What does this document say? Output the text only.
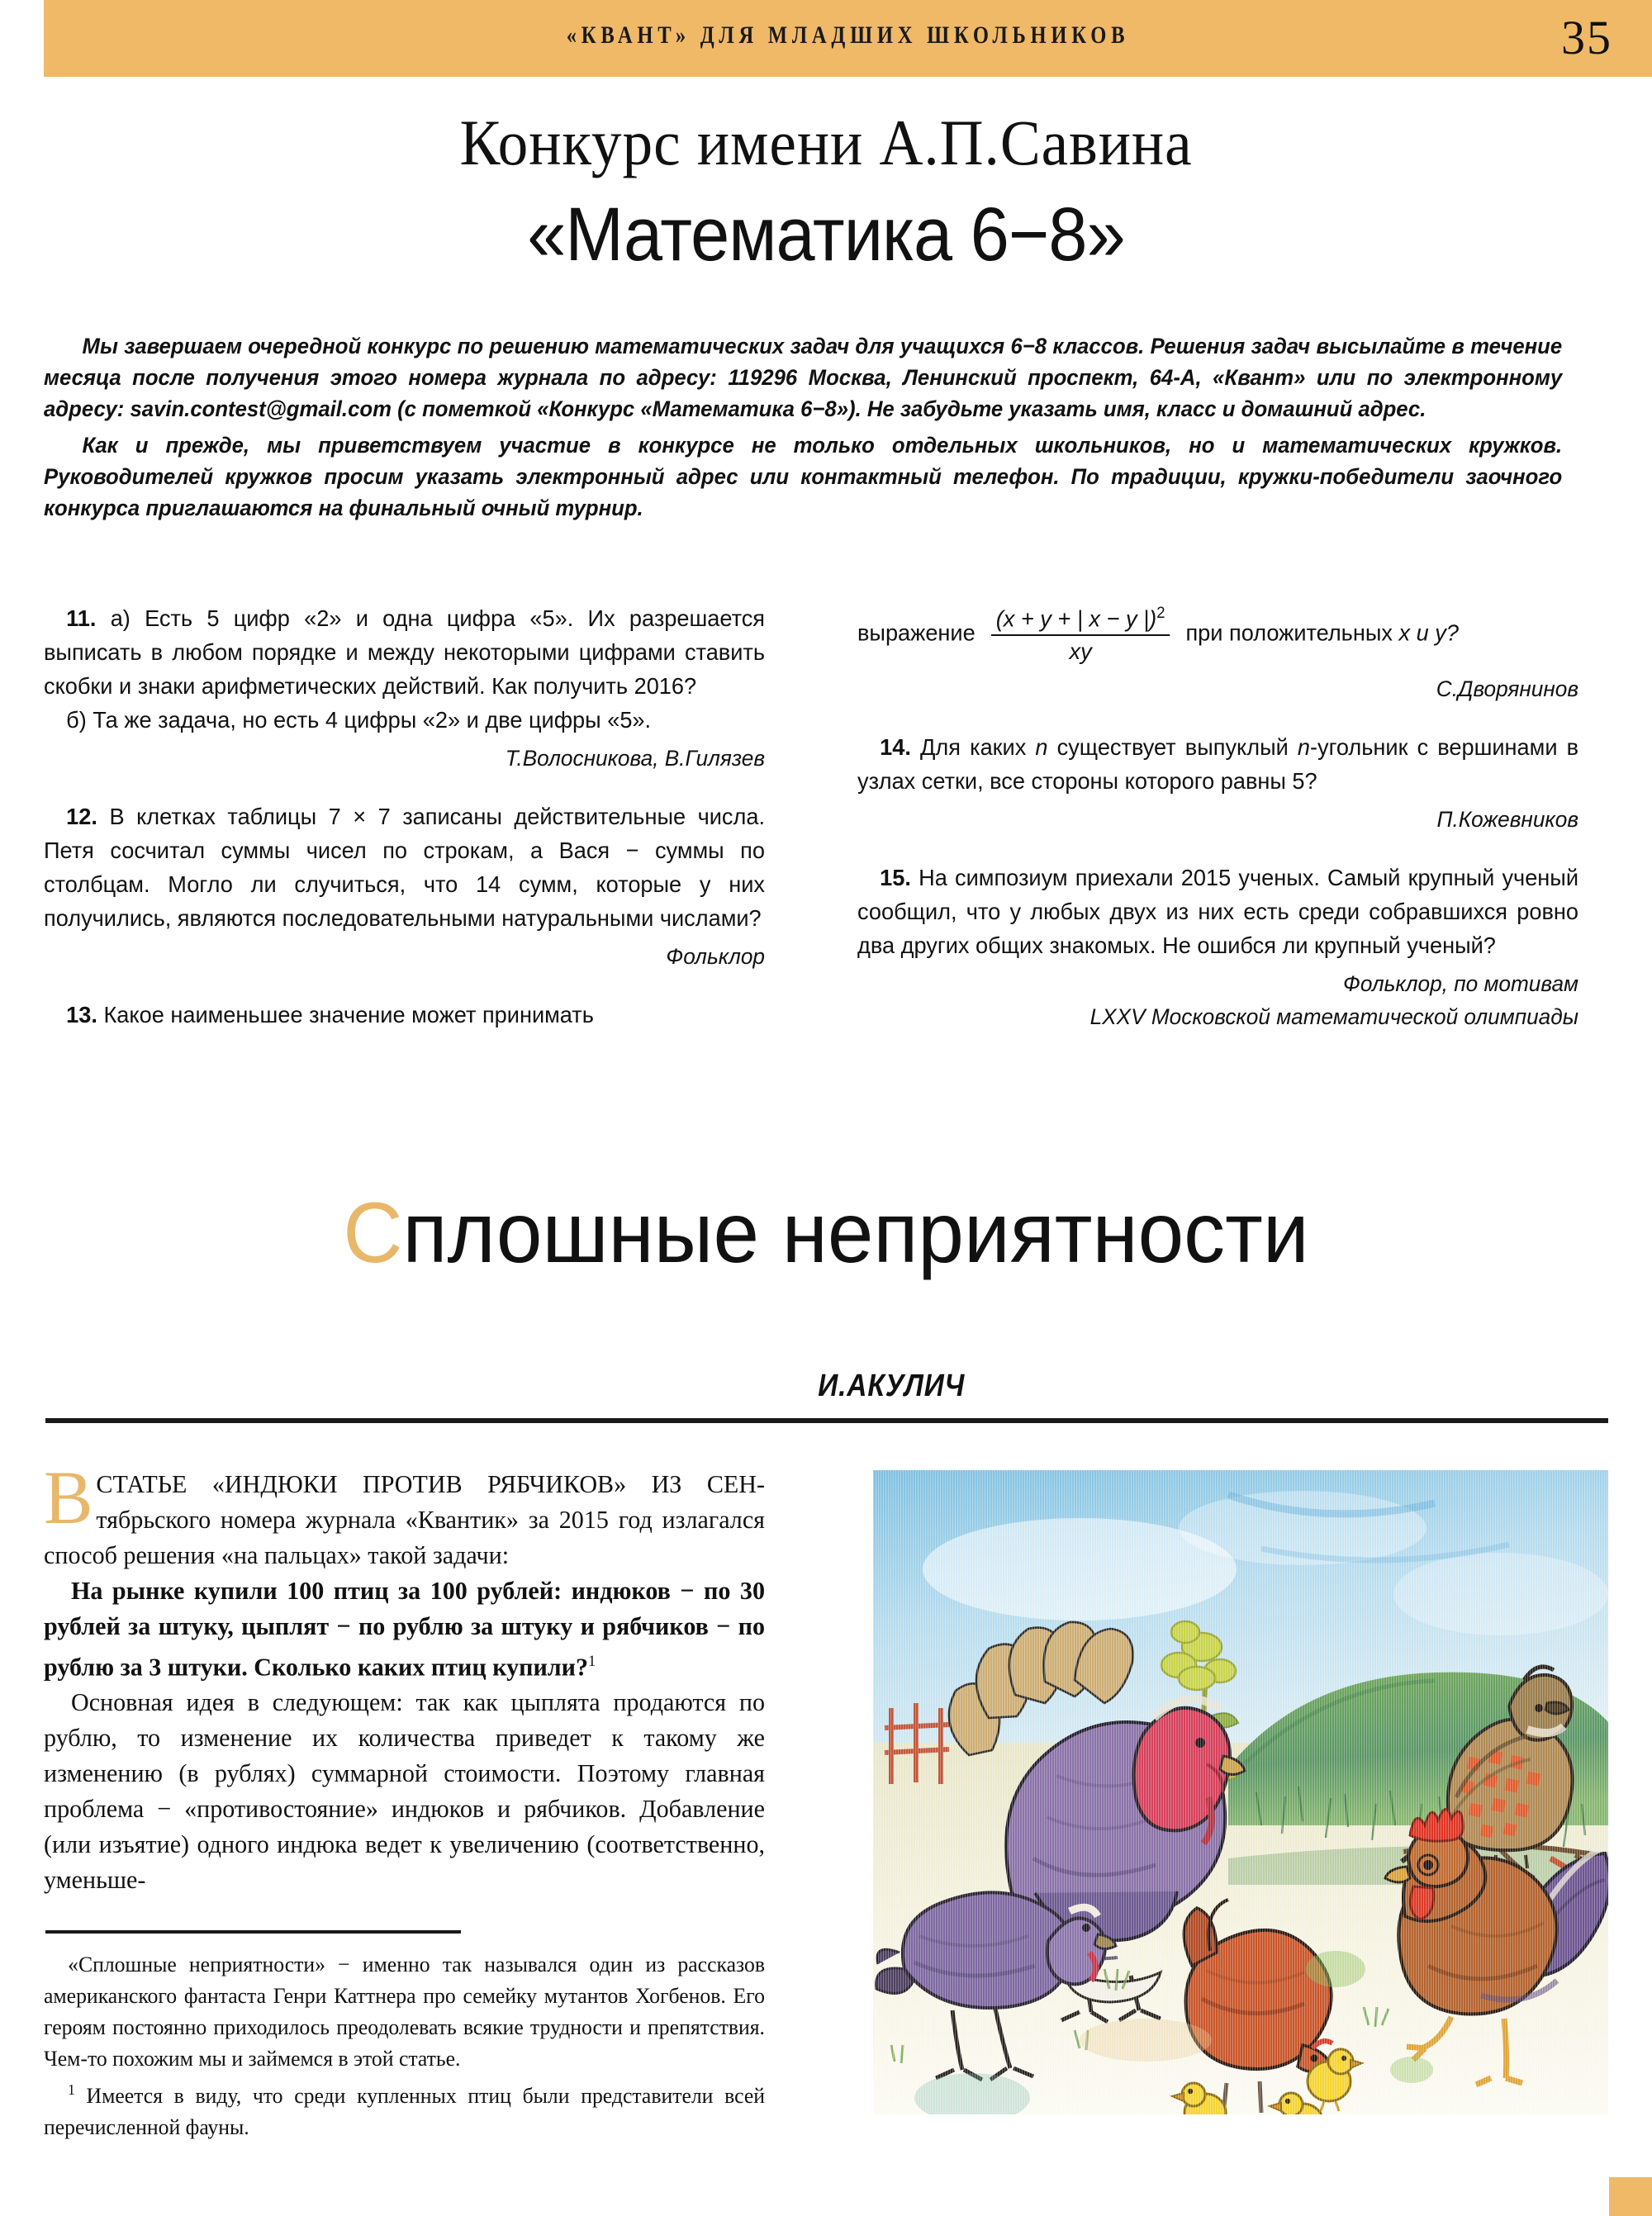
«КВАНТ» ДЛЯ МЛАДШИХ ШКОЛЬНИКОВ	35
Конкурс имени А.П.Савина
«Математика 6−8»

Мы завершаем очередной конкурс по решению математических задач для учащихся 6−8 классов. Решения задач высылайте в течение месяца после получения этого номера журнала по адресу: 119296 Москва, Ленинский проспект, 64-А, «Квант» или по электронному адресу: savin.contest@gmail.com (с пометкой «Конкурс «Математика 6−8»). Не забудьте указать имя, класс и домашний адрес.

Как и прежде, мы приветствуем участие в конкурсе не только отдельных школьников, но и математических кружков. Руководителей кружков просим указать электронный адрес или контактный телефон. По традиции, кружки-победители заочного конкурса приглашаются на финальный очный турнир.

11. а) Есть 5 цифр «2» и одна цифра «5». Их разрешается выписать в любом порядке и между некоторыми цифрами ставить скобки и знаки арифметических действий. Как получить 2016?
б) Та же задача, но есть 4 цифры «2» и две цифры «5».
Т.Волосникова, В.Гилязев
12. В клетках таблицы 7 × 7 записаны действительные числа. Петя сосчитал суммы чисел по строкам, а Вася − суммы по столбцам. Могло ли случиться, что 14 сумм, которые у них получились, являются последовательными натуральными числами?
Фольклор
13. Какое наименьшее значение может принимать
выражение $\frac{(x + y + | x - y |)^2}{xy}$ при положительных x и y?
С.Дворянинов
14. Для каких n существует выпуклый n-угольник с вершинами в узлах сетки, все стороны которого равны 5?
П.Кожевников
15. На симпозиум приехали 2015 ученых. Самый крупный ученый сообщил, что у любых двух из них есть среди собравшихся ровно два других общих знакомых. Не ошибся ли крупный ученый?
Фольклор, по мотивам
LXXV Московской математической олимпиады
Сплошные неприятности
И.АКУЛИЧ

В СТАТЬЕ «ИНДЮКИ ПРОТИВ РЯБЧИКОВ» ИЗ СЕН-тябрьского номера журнала «Квантик» за 2015 год излагался способ решения «на пальцах» такой задачи:

На рынке купили 100 птиц за 100 рублей: индюков − по 30 рублей за штуку, цыплят − по рублю за штуку и рябчиков − по рублю за 3 штуки. Сколько каких птиц купили?$^1$

Основная идея в следующем: так как цыплята продаются по рублю, то изменение их количества приведет к такому же изменению (в рублях) суммарной стоимости. Поэтому главная проблема − «противостояние» индюков и рябчиков. Добавление (или изъятие) одного индюка ведет к увеличению (соответственно, уменьше-

«Сплошные неприятности» − именно так назывался один из рассказов американского фантаста Генри Каттнера про семейку мутантов Хогбенов. Его героям постоянно приходилось преодолевать всякие трудности и препятствия. Чем-то похожим мы и займемся в этой статье.

$^1$ Имеется в виду, что среди купленных птиц были представители всей перечисленной фауны.
